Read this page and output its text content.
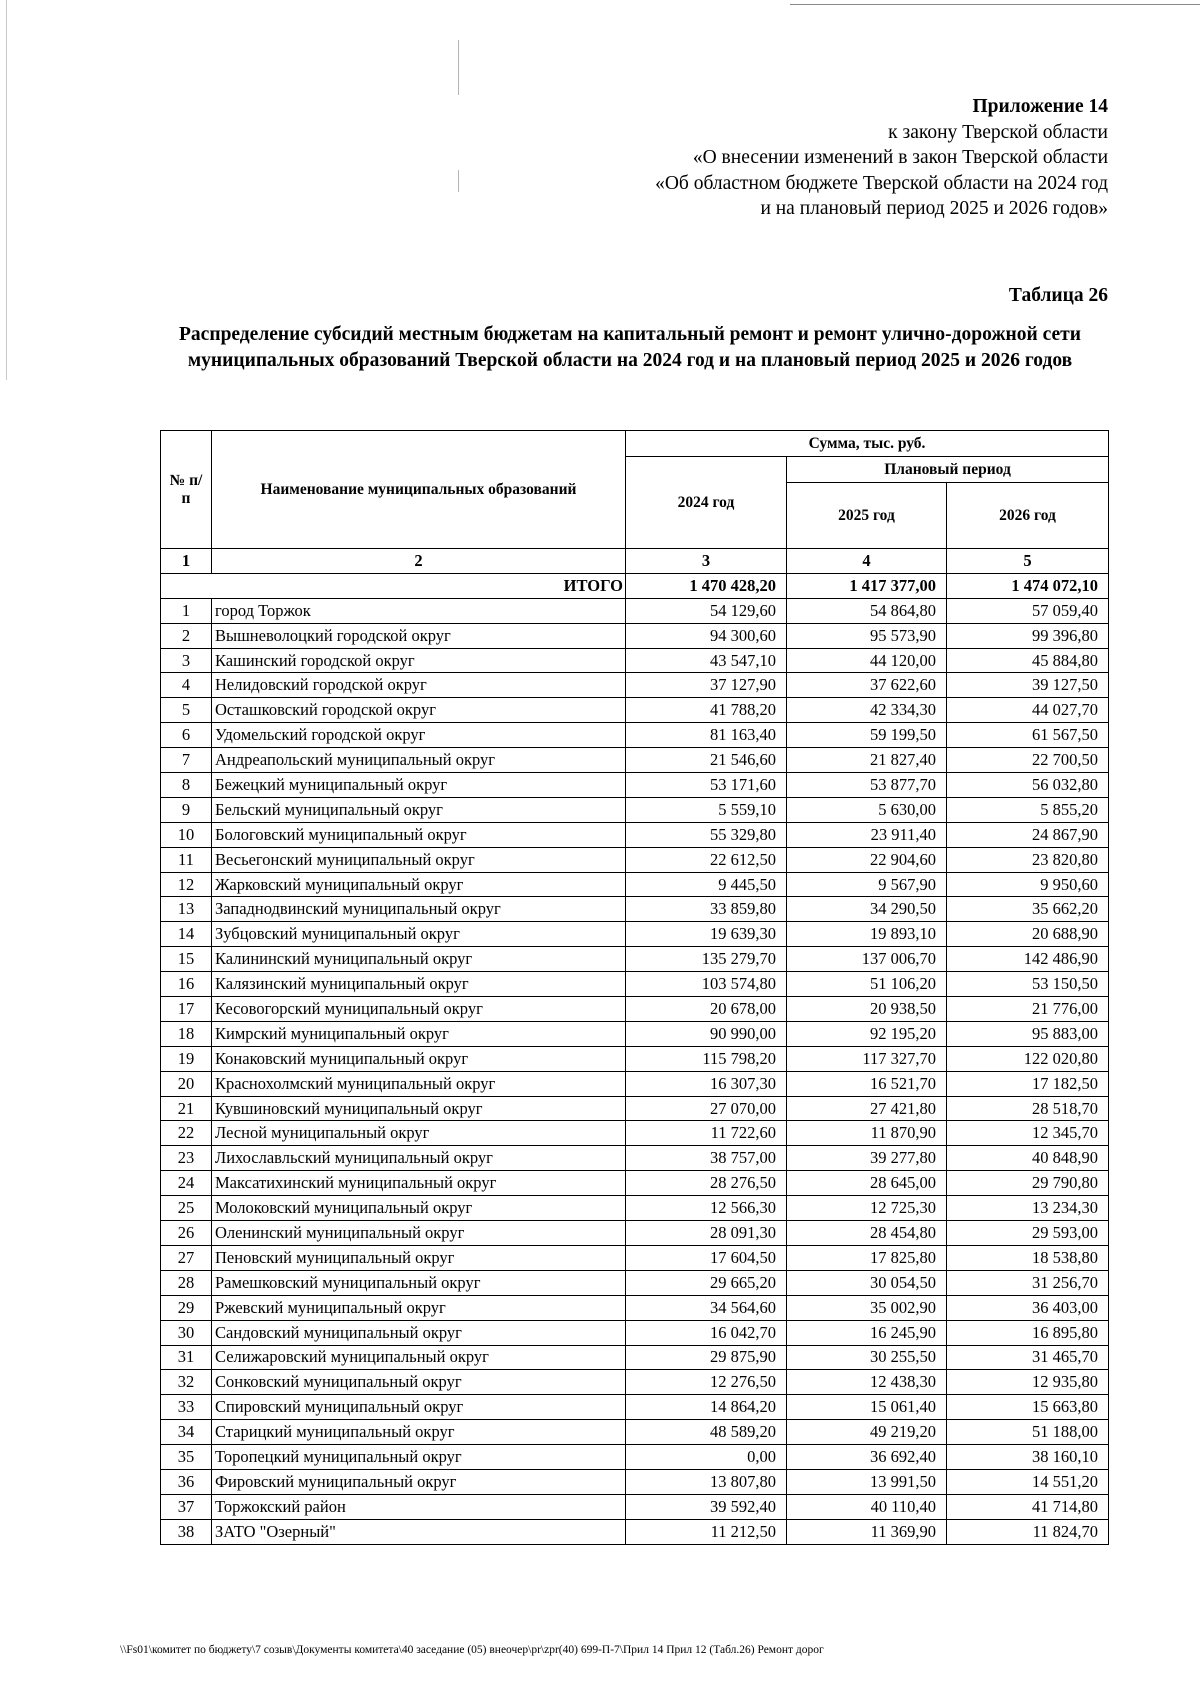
Приложение 14
к закону Тверской области
«О внесении изменений в закон Тверской области
«Об областном бюджете Тверской области на 2024 год
и на плановый период 2025 и 2026 годов»
Таблица 26
Распределение субсидий местным бюджетам на капитальный ремонт и ремонт улично-дорожной сети муниципальных образований Тверской области на 2024 год и на плановый период 2025 и 2026 годов
№ п/п	Наименование муниципальных образований	Сумма, тыс. руб.		
		2024 год	Плановый период	
			2025 год	2026 год
1	2	3	4	5
ИТОГО		1 470 428,20	1 417 377,00	1 474 072,10
1	город Торжок	54 129,60	54 864,80	57 059,40
2	Вышневолоцкий городской округ	94 300,60	95 573,90	99 396,80
3	Кашинский городской округ	43 547,10	44 120,00	45 884,80
4	Нелидовский городской округ	37 127,90	37 622,60	39 127,50
5	Осташковский городской округ	41 788,20	42 334,30	44 027,70
6	Удомельский городской округ	81 163,40	59 199,50	61 567,50
7	Андреапольский муниципальный округ	21 546,60	21 827,40	22 700,50
8	Бежецкий муниципальный округ	53 171,60	53 877,70	56 032,80
9	Бельский муниципальный округ	5 559,10	5 630,00	5 855,20
10	Бологовский муниципальный округ	55 329,80	23 911,40	24 867,90
11	Весьегонский муниципальный округ	22 612,50	22 904,60	23 820,80
12	Жарковский муниципальный округ	9 445,50	9 567,90	9 950,60
13	Западнодвинский муниципальный округ	33 859,80	34 290,50	35 662,20
14	Зубцовский муниципальный округ	19 639,30	19 893,10	20 688,90
15	Калининский муниципальный округ	135 279,70	137 006,70	142 486,90
16	Калязинский муниципальный округ	103 574,80	51 106,20	53 150,50
17	Кесовогорский муниципальный округ	20 678,00	20 938,50	21 776,00
18	Кимрский муниципальный округ	90 990,00	92 195,20	95 883,00
19	Конаковский муниципальный округ	115 798,20	117 327,70	122 020,80
20	Краснохолмский муниципальный округ	16 307,30	16 521,70	17 182,50
21	Кувшиновский муниципальный округ	27 070,00	27 421,80	28 518,70
22	Лесной муниципальный округ	11 722,60	11 870,90	12 345,70
23	Лихославльский муниципальный округ	38 757,00	39 277,80	40 848,90
24	Максатихинский муниципальный округ	28 276,50	28 645,00	29 790,80
25	Молоковский муниципальный округ	12 566,30	12 725,30	13 234,30
26	Оленинский муниципальный округ	28 091,30	28 454,80	29 593,00
27	Пеновский муниципальный округ	17 604,50	17 825,80	18 538,80
28	Рамешковский муниципальный округ	29 665,20	30 054,50	31 256,70
29	Ржевский муниципальный округ	34 564,60	35 002,90	36 403,00
30	Сандовский муниципальный округ	16 042,70	16 245,90	16 895,80
31	Селижаровский муниципальный округ	29 875,90	30 255,50	31 465,70
32	Сонковский муниципальный округ	12 276,50	12 438,30	12 935,80
33	Спировский муниципальный округ	14 864,20	15 061,40	15 663,80
34	Старицкий муниципальный округ	48 589,20	49 219,20	51 188,00
35	Торопецкий муниципальный округ	0,00	36 692,40	38 160,10
36	Фировский муниципальный округ	13 807,80	13 991,50	14 551,20
37	Торжокский район	39 592,40	40 110,40	41 714,80
38	ЗАТО "Озерный"	11 212,50	11 369,90	11 824,70
\\Fs01\комитет по бюджету\7 созыв\Документы комитета\40 заседание (05) внеочер\pr\zpr(40) 699-П-7\Прил 14 Прил 12 (Табл.26) Ремонт дорог
